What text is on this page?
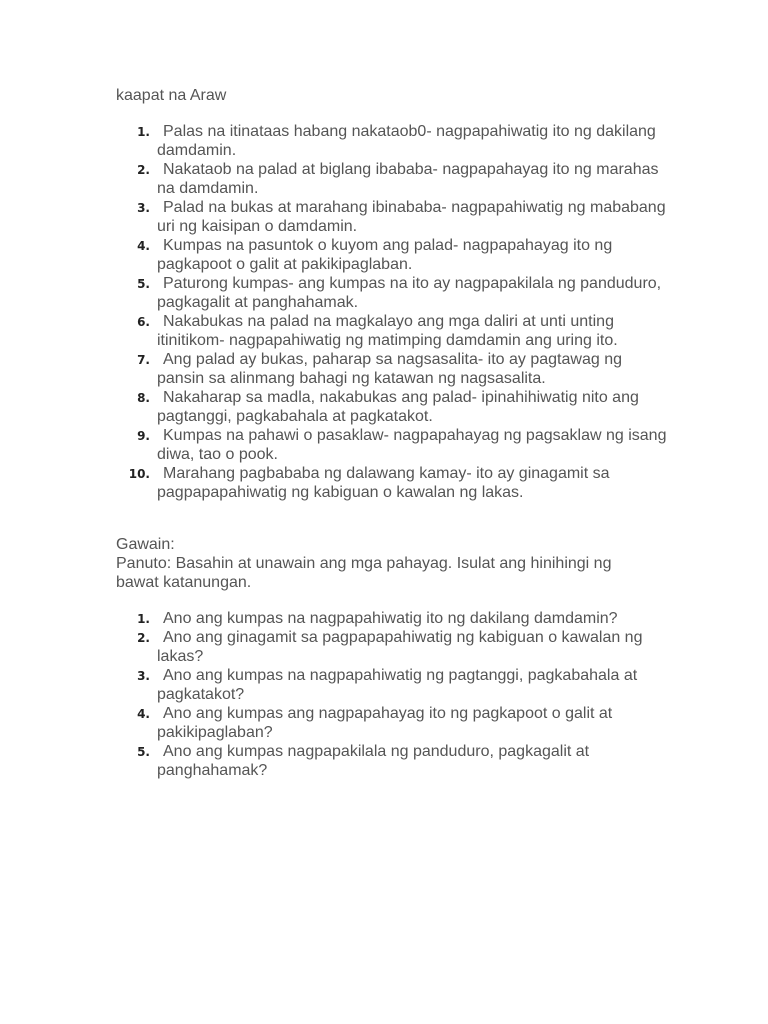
kaapat na Araw
1. Palas na itinataas habang nakataob0- nagpapahiwatig ito ng dakilang damdamin.
2. Nakataob na palad at biglang ibababa- nagpapahayag ito ng marahas na damdamin.
3. Palad na bukas at marahang ibinababa- nagpapahiwatig ng mababang uri ng kaisipan o damdamin.
4. Kumpas na pasuntok o kuyom ang palad- nagpapahayag ito ng pagkapoot o galit at pakikipaglaban.
5. Paturong kumpas- ang kumpas na ito ay nagpapakilala ng panduduro, pagkagalit at panghahamak.
6. Nakabukas na palad na magkalayo ang mga daliri at unti unting itinitikom- nagpapahiwatig ng matimping damdamin ang uring ito.
7. Ang palad ay bukas, paharap sa nagsasalita- ito ay pagtawag ng pansin sa alinmang bahagi ng katawan ng nagsasalita.
8. Nakaharap sa madla, nakabukas ang palad- ipinahihiwatig nito ang pagtanggi, pagkabahala at pagkatakot.
9. Kumpas na pahawi o pasaklaw- nagpapahayag ng pagsaklaw ng isang diwa, tao o pook.
10. Marahang pagbababa ng dalawang kamay- ito ay ginagamit sa pagpapapahiwatig ng kabiguan o kawalan ng lakas.

Gawain:

Panuto: Basahin at unawain ang mga pahayag. Isulat ang hinihingi ng bawat katanungan.

1. Ano ang kumpas na nagpapahiwatig ito ng dakilang damdamin?
2. Ano ang ginagamit sa pagpapapahiwatig ng kabiguan o kawalan ng lakas?
3. Ano ang kumpas na nagpapahiwatig ng pagtanggi, pagkabahala at pagkatakot?
4. Ano ang kumpas ang nagpapahayag ito ng pagkapoot o galit at pakikipaglaban?
5. Ano ang kumpas nagpapakilala ng panduduro, pagkagalit at panghahamak?
